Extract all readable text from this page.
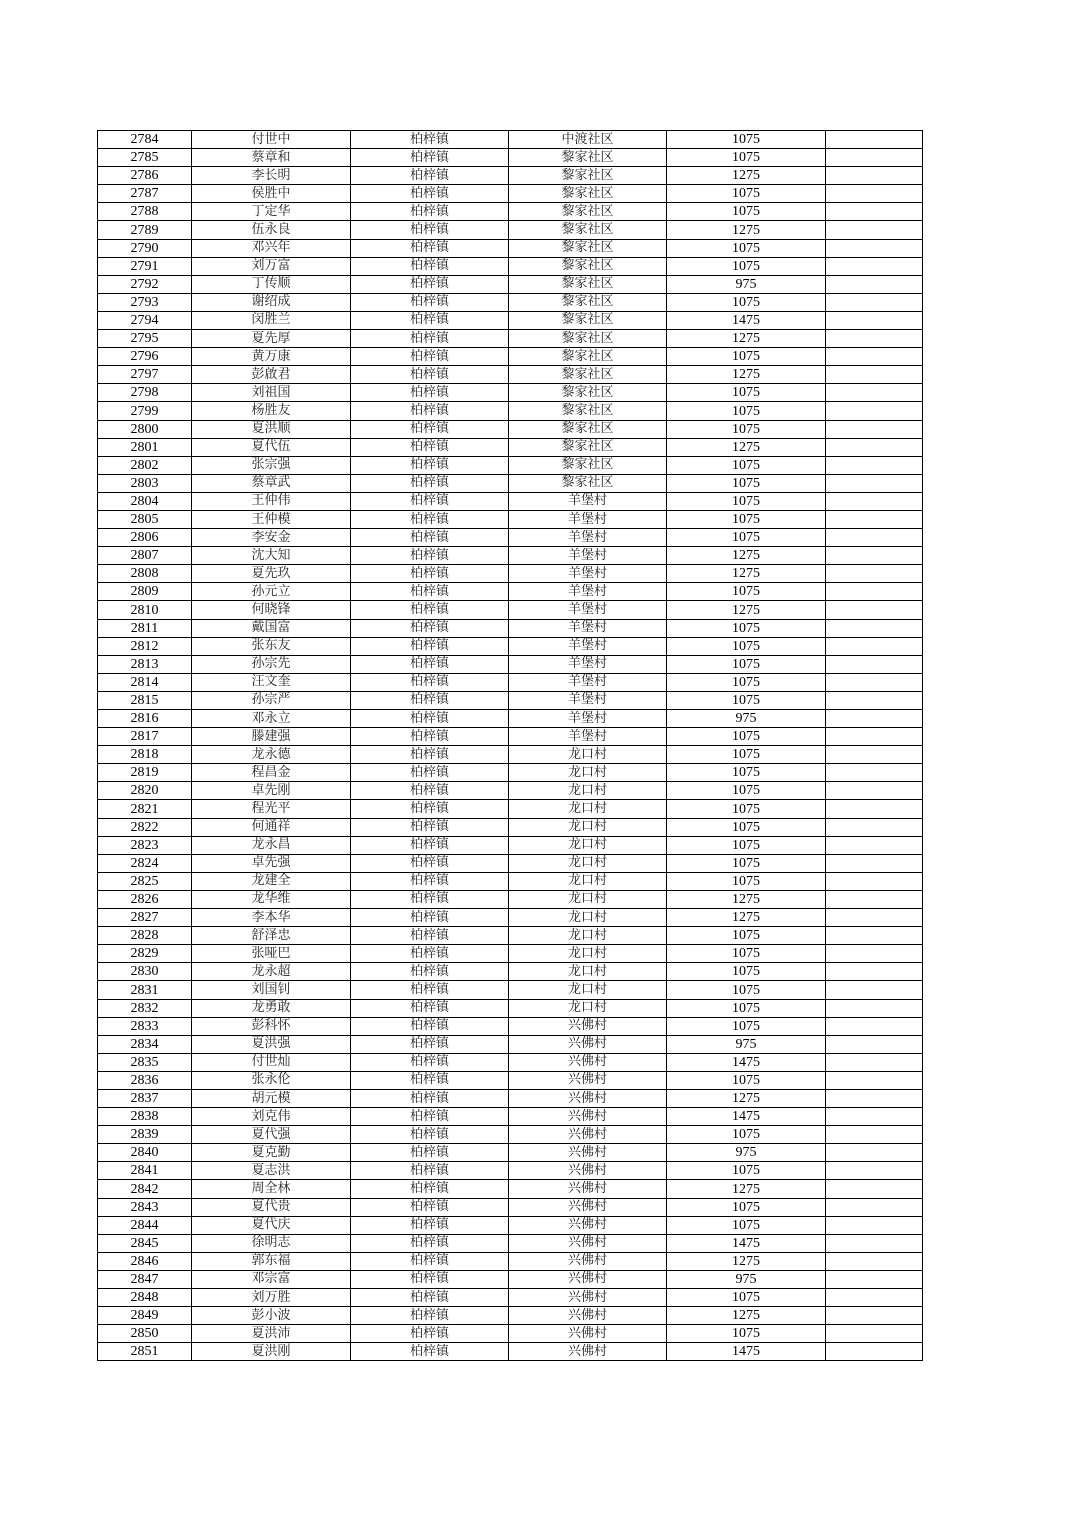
2784	付世中	柏梓镇	中渡社区	1075	
2785	蔡章和	柏梓镇	黎家社区	1075	
2786	李长明	柏梓镇	黎家社区	1275	
2787	侯胜中	柏梓镇	黎家社区	1075	
2788	丁定华	柏梓镇	黎家社区	1075	
2789	伍永良	柏梓镇	黎家社区	1275	
2790	邓兴年	柏梓镇	黎家社区	1075	
2791	刘万富	柏梓镇	黎家社区	1075	
2792	丁传顺	柏梓镇	黎家社区	975	
2793	谢绍成	柏梓镇	黎家社区	1075	
2794	闵胜兰	柏梓镇	黎家社区	1475	
2795	夏先厚	柏梓镇	黎家社区	1275	
2796	黄万康	柏梓镇	黎家社区	1075	
2797	彭啟君	柏梓镇	黎家社区	1275	
2798	刘祖国	柏梓镇	黎家社区	1075	
2799	杨胜友	柏梓镇	黎家社区	1075	
2800	夏洪顺	柏梓镇	黎家社区	1075	
2801	夏代伍	柏梓镇	黎家社区	1275	
2802	张宗强	柏梓镇	黎家社区	1075	
2803	蔡章武	柏梓镇	黎家社区	1075	
2804	王仲伟	柏梓镇	羊堡村	1075	
2805	王仲模	柏梓镇	羊堡村	1075	
2806	李安金	柏梓镇	羊堡村	1075	
2807	沈大知	柏梓镇	羊堡村	1275	
2808	夏先玖	柏梓镇	羊堡村	1275	
2809	孙元立	柏梓镇	羊堡村	1075	
2810	何晓锋	柏梓镇	羊堡村	1275	
2811	戴国富	柏梓镇	羊堡村	1075	
2812	张东友	柏梓镇	羊堡村	1075	
2813	孙宗先	柏梓镇	羊堡村	1075	
2814	汪文奎	柏梓镇	羊堡村	1075	
2815	孙宗严	柏梓镇	羊堡村	1075	
2816	邓永立	柏梓镇	羊堡村	975	
2817	滕建强	柏梓镇	羊堡村	1075	
2818	龙永德	柏梓镇	龙口村	1075	
2819	程昌金	柏梓镇	龙口村	1075	
2820	卓先刚	柏梓镇	龙口村	1075	
2821	程光平	柏梓镇	龙口村	1075	
2822	何通祥	柏梓镇	龙口村	1075	
2823	龙永昌	柏梓镇	龙口村	1075	
2824	卓先强	柏梓镇	龙口村	1075	
2825	龙建全	柏梓镇	龙口村	1075	
2826	龙华维	柏梓镇	龙口村	1275	
2827	李本华	柏梓镇	龙口村	1275	
2828	舒泽忠	柏梓镇	龙口村	1075	
2829	张哑巴	柏梓镇	龙口村	1075	
2830	龙永超	柏梓镇	龙口村	1075	
2831	刘国钊	柏梓镇	龙口村	1075	
2832	龙勇敢	柏梓镇	龙口村	1075	
2833	彭科怀	柏梓镇	兴佛村	1075	
2834	夏洪强	柏梓镇	兴佛村	975	
2835	付世灿	柏梓镇	兴佛村	1475	
2836	张永伦	柏梓镇	兴佛村	1075	
2837	胡元模	柏梓镇	兴佛村	1275	
2838	刘克伟	柏梓镇	兴佛村	1475	
2839	夏代强	柏梓镇	兴佛村	1075	
2840	夏克勤	柏梓镇	兴佛村	975	
2841	夏志洪	柏梓镇	兴佛村	1075	
2842	周全林	柏梓镇	兴佛村	1275	
2843	夏代贵	柏梓镇	兴佛村	1075	
2844	夏代庆	柏梓镇	兴佛村	1075	
2845	徐明志	柏梓镇	兴佛村	1475	
2846	郭东福	柏梓镇	兴佛村	1275	
2847	邓宗富	柏梓镇	兴佛村	975	
2848	刘万胜	柏梓镇	兴佛村	1075	
2849	彭小波	柏梓镇	兴佛村	1275	
2850	夏洪沛	柏梓镇	兴佛村	1075	
2851	夏洪刚	柏梓镇	兴佛村	1475	
